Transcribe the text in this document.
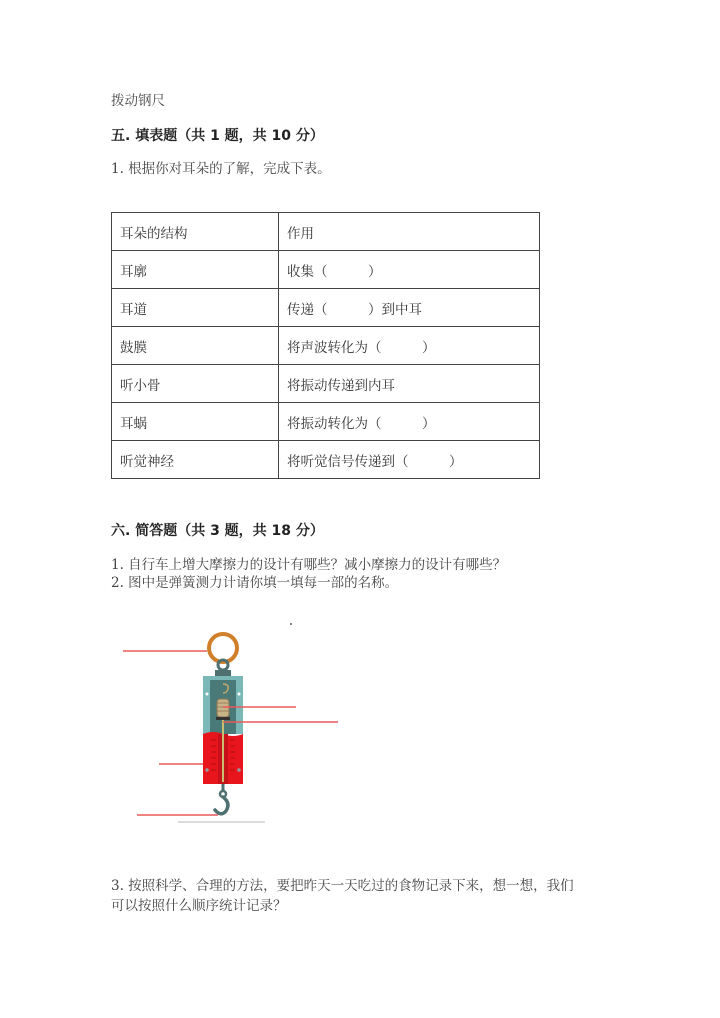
拨动钢尺
五. 填表题（共 1 题，共 10 分）
1. 根据你对耳朵的了解，完成下表。
耳朵的结构	作用
耳廓	收集（　　　）
耳道	传递（　　　）到中耳
鼓膜	将声波转化为（　　　）
听小骨	将振动传递到内耳
耳蜗	将振动转化为（　　　）
听觉神经	将听觉信号传递到（　　　）
六. 简答题（共 3 题，共 18 分）
1. 自行车上增大摩擦力的设计有哪些？减小摩擦力的设计有哪些？
2. 图中是弹簧测力计请你填一填每一部的名称。
3. 按照科学、合理的方法，要把昨天一天吃过的食物记录下来，想一想，我们
可以按照什么顺序统计记录？
